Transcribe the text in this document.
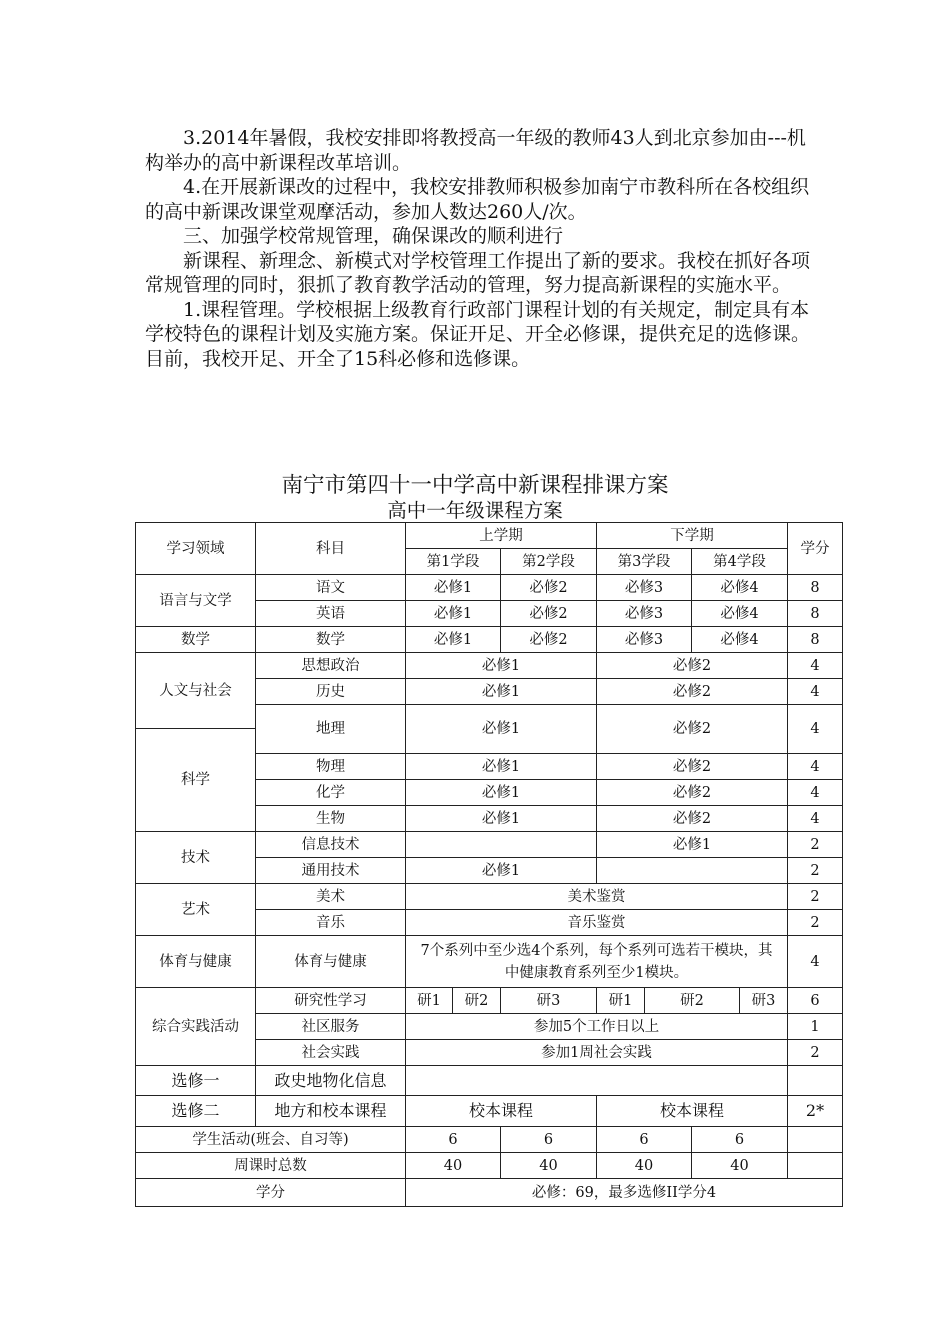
3.2014年暑假，我校安排即将教授高一年级的教师43人到北京参加由---机构举办的高中新课程改革培训。

4.在开展新课改的过程中，我校安排教师积极参加南宁市教科所在各校组织的高中新课改课堂观摩活动，参加人数达260人/次。

三、加强学校常规管理，确保课改的顺利进行

新课程、新理念、新模式对学校管理工作提出了新的要求。我校在抓好各项常规管理的同时，狠抓了教育教学活动的管理，努力提高新课程的实施水平。

1.课程管理。学校根据上级教育行政部门课程计划的有关规定，制定具有本学校特色的课程计划及实施方案。保证开足、开全必修课，提供充足的选修课。目前，我校开足、开全了15科必修和选修课。

南宁市第四十一中学高中新课程排课方案
高中一年级课程方案
学习领域	科目	上学期			下学期				学分
		第1学段		第2学段	第3学段		第4学段		
语言与文学	语文	必修1		必修2	必修3		必修4		8
	英语	必修1		必修2	必修3		必修4		8
数学	数学	必修1		必修2	必修3		必修4		8
人文与社会	思想政治	必修1			必修2				4
	历史	必修1			必修2				4
	地理	必修1			必修2				4
科学									
	物理	必修1			必修2				4
	化学	必修1			必修2				4
	生物	必修1			必修2				4
技术	信息技术				必修1				2
	通用技术	必修1							2
艺术	美术	美术鉴赏							2
	音乐	音乐鉴赏							2
体育与健康	体育与健康	7个系列中至少选4个系列，每个系列可选若干模块，其中健康教育系列至少1模块。							4
综合实践活动	研究性学习	研1	研2	研3	研1	研2		研3	6
	社区服务	参加5个工作日以上							1
	社会实践	参加1周社会实践							2
选修一	政史地物化信息								
选修二	地方和校本课程	校本课程			校本课程				2*
学生活动(班会、自习等)		6		6	6		6		
周课时总数		40		40	40		40		
学分		必修：69，最多选修II学分4							
